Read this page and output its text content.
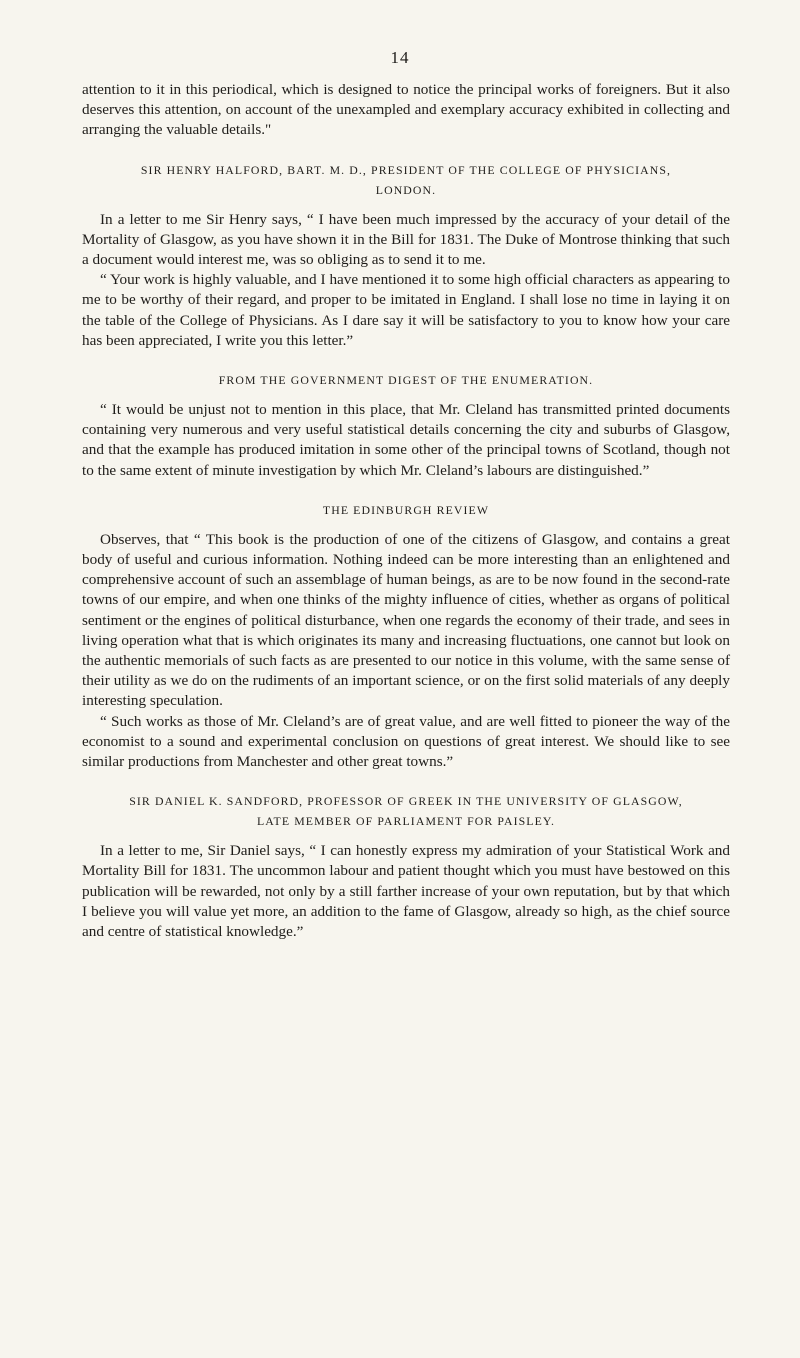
14

attention to it in this periodical, which is designed to notice the principal works of foreigners. But it also deserves this attention, on account of the unexampled and exemplary accuracy exhibited in collecting and arranging the valuable details."

SIR HENRY HALFORD, BART. M. D., PRESIDENT OF THE COLLEGE OF PHYSICIANS,
LONDON.

In a letter to me Sir Henry says, “ I have been much impressed by the accuracy of your detail of the Mortality of Glasgow, as you have shown it in the Bill for 1831. The Duke of Montrose thinking that such a document would interest me, was so obliging as to send it to me.

“ Your work is highly valuable, and I have mentioned it to some high official characters as appearing to me to be worthy of their regard, and proper to be imitated in England. I shall lose no time in laying it on the table of the College of Physicians. As I dare say it will be satisfactory to you to know how your care has been appreciated, I write you this letter.”

FROM THE GOVERNMENT DIGEST OF THE ENUMERATION.

“ It would be unjust not to mention in this place, that Mr. Cleland has transmitted printed documents containing very numerous and very useful statistical details concerning the city and suburbs of Glasgow, and that the example has produced imitation in some other of the principal towns of Scotland, though not to the same extent of minute investigation by which Mr. Cleland’s labours are distinguished.”

THE EDINBURGH REVIEW

Observes, that “ This book is the production of one of the citizens of Glasgow, and contains a great body of useful and curious information. Nothing indeed can be more interesting than an enlightened and comprehensive account of such an assemblage of human beings, as are to be now found in the second-rate towns of our empire, and when one thinks of the mighty influence of cities, whether as organs of political sentiment or the engines of political disturbance, when one regards the economy of their trade, and sees in living operation what that is which originates its many and increasing fluctuations, one cannot but look on the authentic memorials of such facts as are presented to our notice in this volume, with the same sense of their utility as we do on the rudiments of an important science, or on the first solid materials of any deeply interesting speculation.

“ Such works as those of Mr. Cleland’s are of great value, and are well fitted to pioneer the way of the economist to a sound and experimental conclusion on questions of great interest. We should like to see similar productions from Manchester and other great towns.”

SIR DANIEL K. SANDFORD, PROFESSOR OF GREEK IN THE UNIVERSITY OF GLASGOW,
LATE MEMBER OF PARLIAMENT FOR PAISLEY.

In a letter to me, Sir Daniel says, “ I can honestly express my admiration of your Statistical Work and Mortality Bill for 1831. The uncommon labour and patient thought which you must have bestowed on this publication will be rewarded, not only by a still farther increase of your own reputation, but by that which I believe you will value yet more, an addition to the fame of Glasgow, already so high, as the chief source and centre of statistical knowledge.”
